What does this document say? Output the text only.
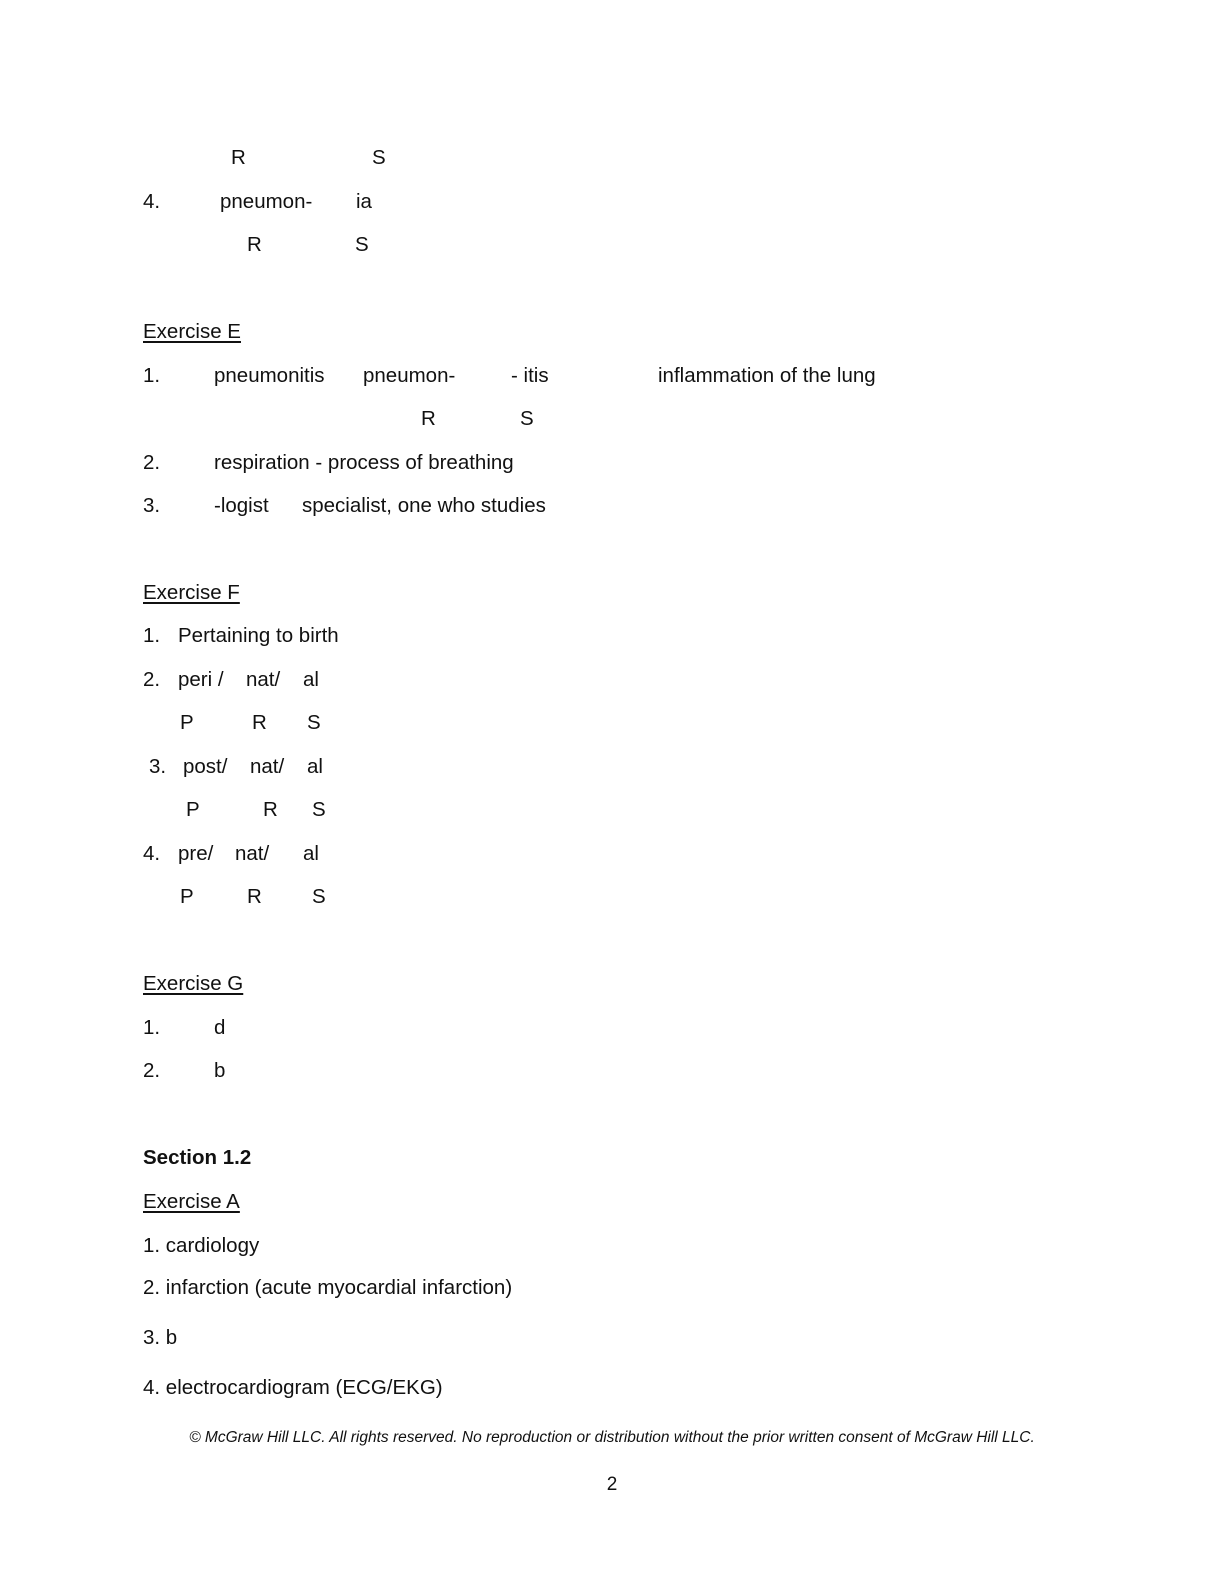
R	S
4.	pneumon- ia
R	S
Exercise E
1.	pneumonitis pneumon-	- itis	inflammation of the lung
R	S
2.	respiration - process of breathing
3.	-logist specialist, one who studies
Exercise F
1. Pertaining to birth
2. peri / nat/ al
P	R S
3. post/ nat/ al
P	R S
4. pre/ nat/ al
P	R S
Exercise G
1.	d
2.	b
Section 1.2
Exercise A
1. cardiology
2. infarction (acute myocardial infarction)
3. b
4. electrocardiogram (ECG/EKG)
© McGraw Hill LLC. All rights reserved. No reproduction or distribution without the prior written consent of McGraw Hill LLC.
2
